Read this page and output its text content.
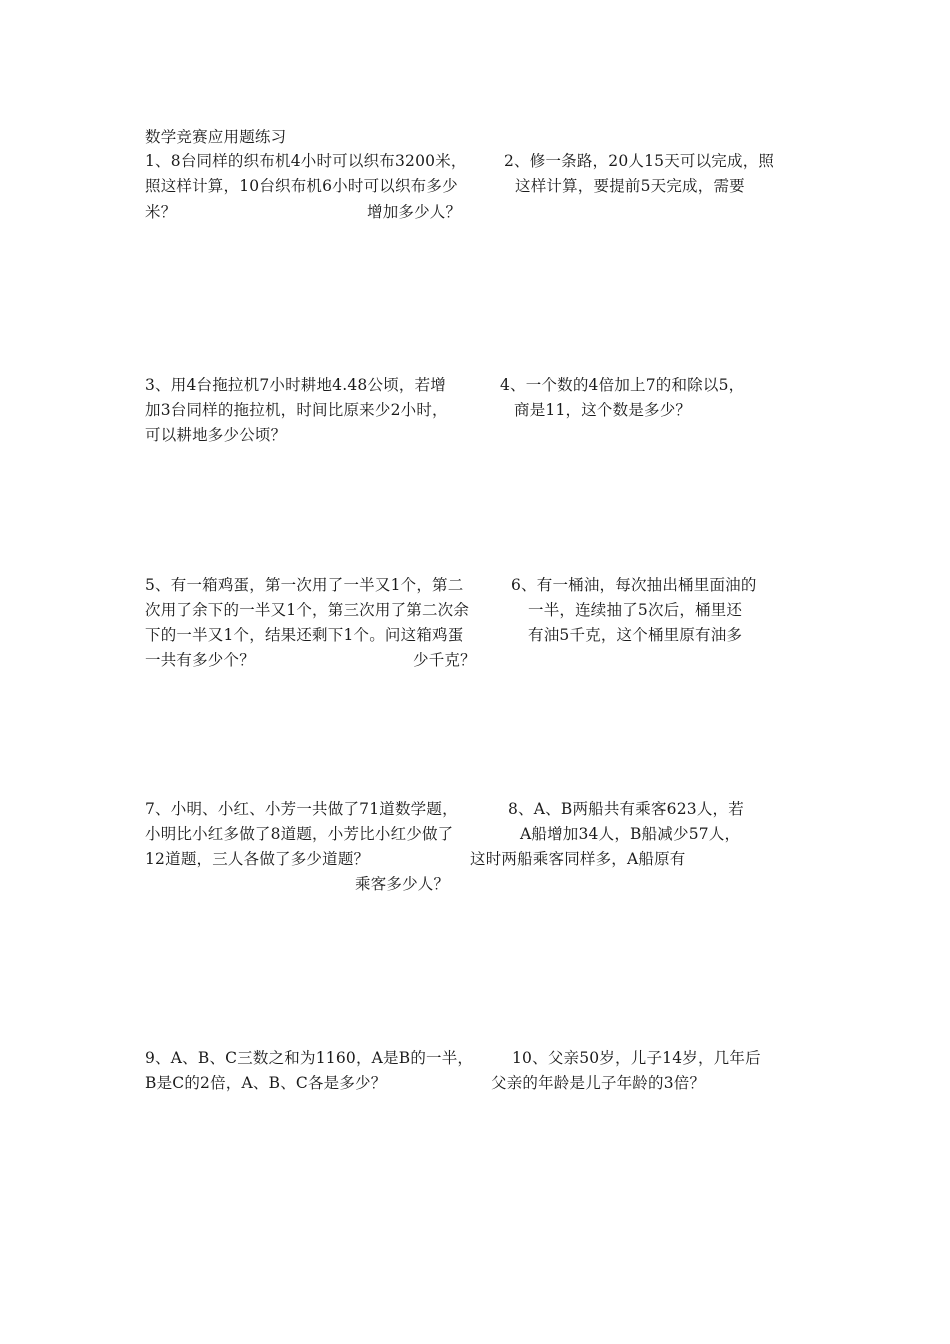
数学竞赛应用题练习
1、8台同样的织布机4小时可以织布3200米， 2、修一条路，20人15天可以完成，照
照这样计算，10台织布机6小时可以织布多少	这样计算，要提前5天完成，需要
米？	增加多少人？
3、用4台拖拉机7小时耕地4.48公顷，若增	4、一个数的4倍加上7的和除以5，
加3台同样的拖拉机，时间比原来少2小时，	商是11，这个数是多少？
可以耕地多少公顷？
5、有一箱鸡蛋，第一次用了一半又1个，第二	6、有一桶油，每次抽出桶里面油的
次用了余下的一半又1个，第三次用了第二次余	一半，连续抽了5次后，桶里还
下的一半又1个，结果还剩下1个。问这箱鸡蛋	有油5千克，这个桶里原有油多
一共有多少个？	少千克？
7、小明、小红、小芳一共做了71道数学题，	8、A、B两船共有乘客623人，若
小明比小红多做了8道题，小芳比小红少做了	A船增加34人，B船减少57人，
12道题，三人各做了多少道题？	这时两船乘客同样多，A船原有
乘客多少人？
9、A、B、C三数之和为1160，A是B的一半，	10、父亲50岁，儿子14岁，几年后
B是C的2倍，A、B、C各是多少？	父亲的年龄是儿子年龄的3倍？
